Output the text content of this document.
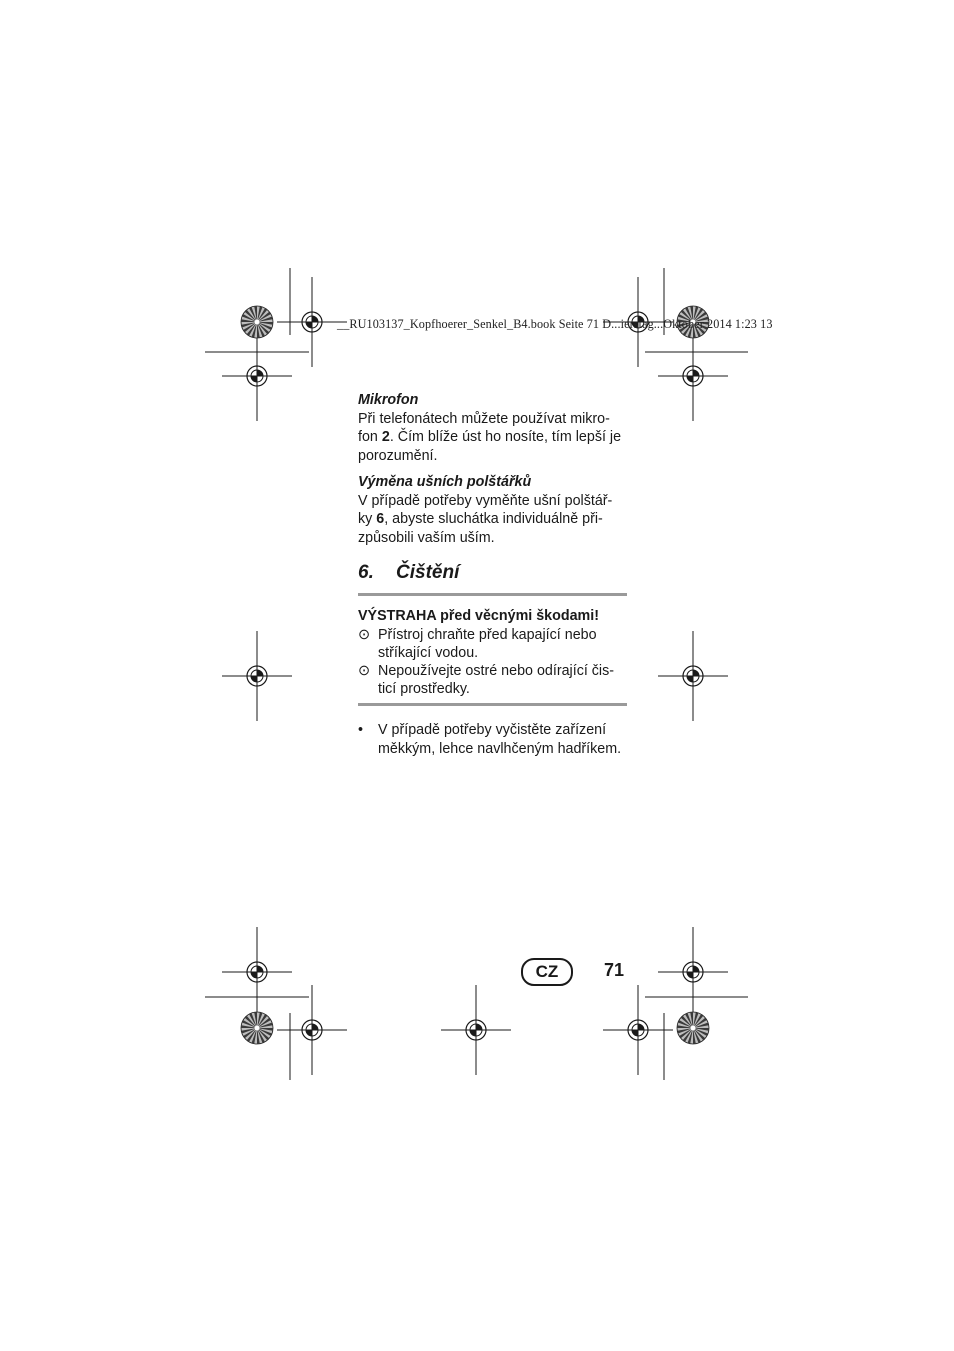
__RU103137_Kopfhoerer_Senkel_B4.book Seite 71 D...ierstag...Oktober 2014 1:23 13
Mikrofon
Při telefonátech můžete používat mikro-
fon 2. Čím blíže úst ho nosíte, tím lepší je
porozumění.
Výměna ušních polštářků
V případě potřeby vyměňte ušní polštář-
ky 6, abyste sluchátka individuálně při-
způsobili vaším uším.
6. Čištění
VÝSTRAHA před věcnými škodami!
⊙ Přístroj chraňte před kapající nebo
stříkající vodou.
⊙ Nepoužívejte ostré nebo odírající čis-
ticí prostředky.
• V případě potřeby vyčistěte zařízení
měkkým, lehce navlhčeným hadříkem.
CZ	71
